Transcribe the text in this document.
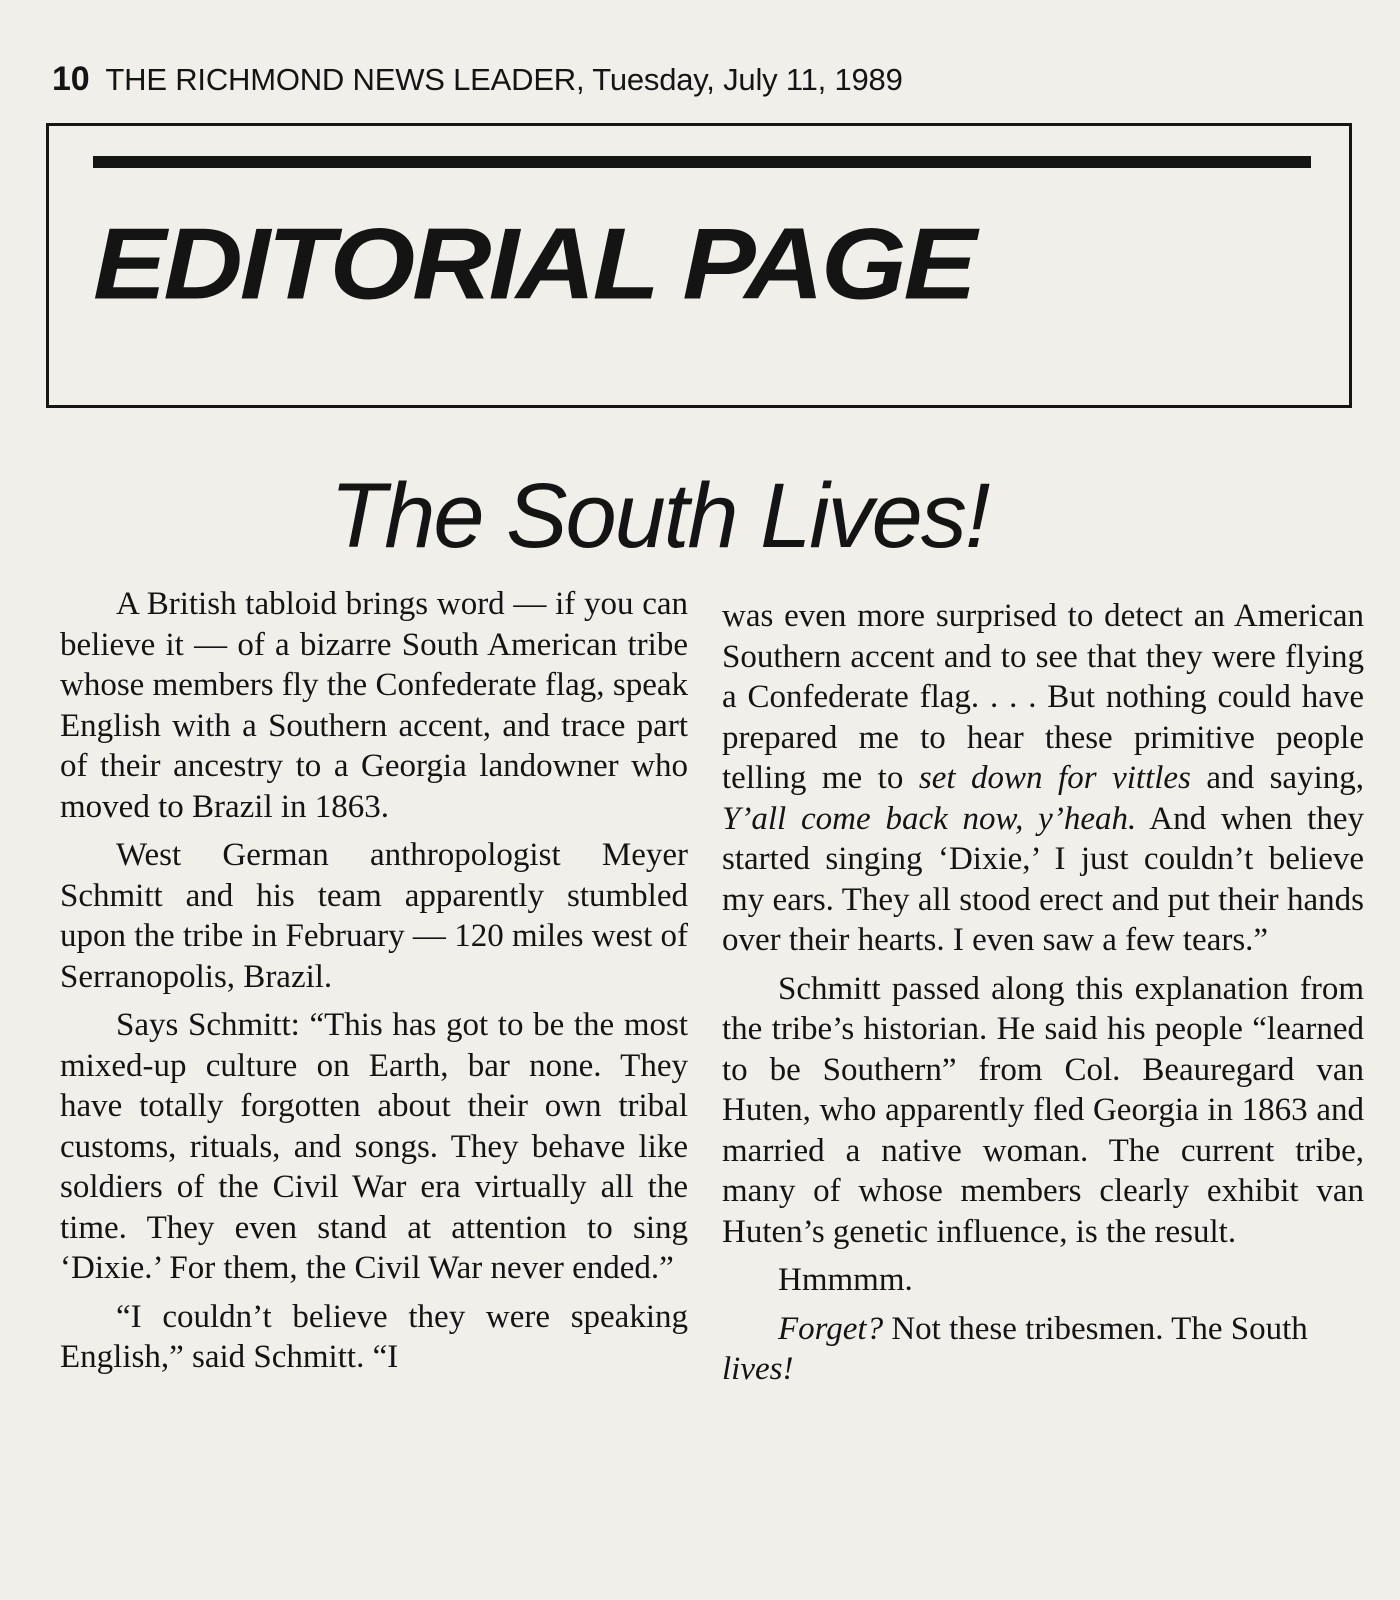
10 THE RICHMOND NEWS LEADER, Tuesday, July 11, 1989
EDITORIAL PAGE
The South Lives!

A British tabloid brings word — if you can believe it — of a bizarre South American tribe whose members fly the Confederate flag, speak English with a Southern accent, and trace part of their ancestry to a Georgia landowner who moved to Brazil in 1863.

West German anthropologist Meyer Schmitt and his team apparently stumbled upon the tribe in February — 120 miles west of Serranopolis, Brazil.

Says Schmitt: “This has got to be the most mixed-up culture on Earth, bar none. They have totally forgotten about their own tribal customs, rituals, and songs. They behave like soldiers of the Civil War era virtually all the time. They even stand at attention to sing ‘Dixie.’ For them, the Civil War never ended.”

“I couldn’t believe they were speaking English,” said Schmitt. “I

was even more surprised to detect an American Southern accent and to see that they were flying a Confederate flag. . . . But nothing could have prepared me to hear these primitive people telling me to set down for vittles and saying, Y’all come back now, y’heah. And when they started singing ‘Dixie,’ I just couldn’t believe my ears. They all stood erect and put their hands over their hearts. I even saw a few tears.”

Schmitt passed along this explanation from the tribe’s historian. He said his people “learned to be Southern” from Col. Beauregard van Huten, who apparently fled Georgia in 1863 and married a native woman. The current tribe, many of whose members clearly exhibit van Huten’s genetic influence, is the result.

Hmmmm.

Forget? Not these tribesmen. The South lives!
